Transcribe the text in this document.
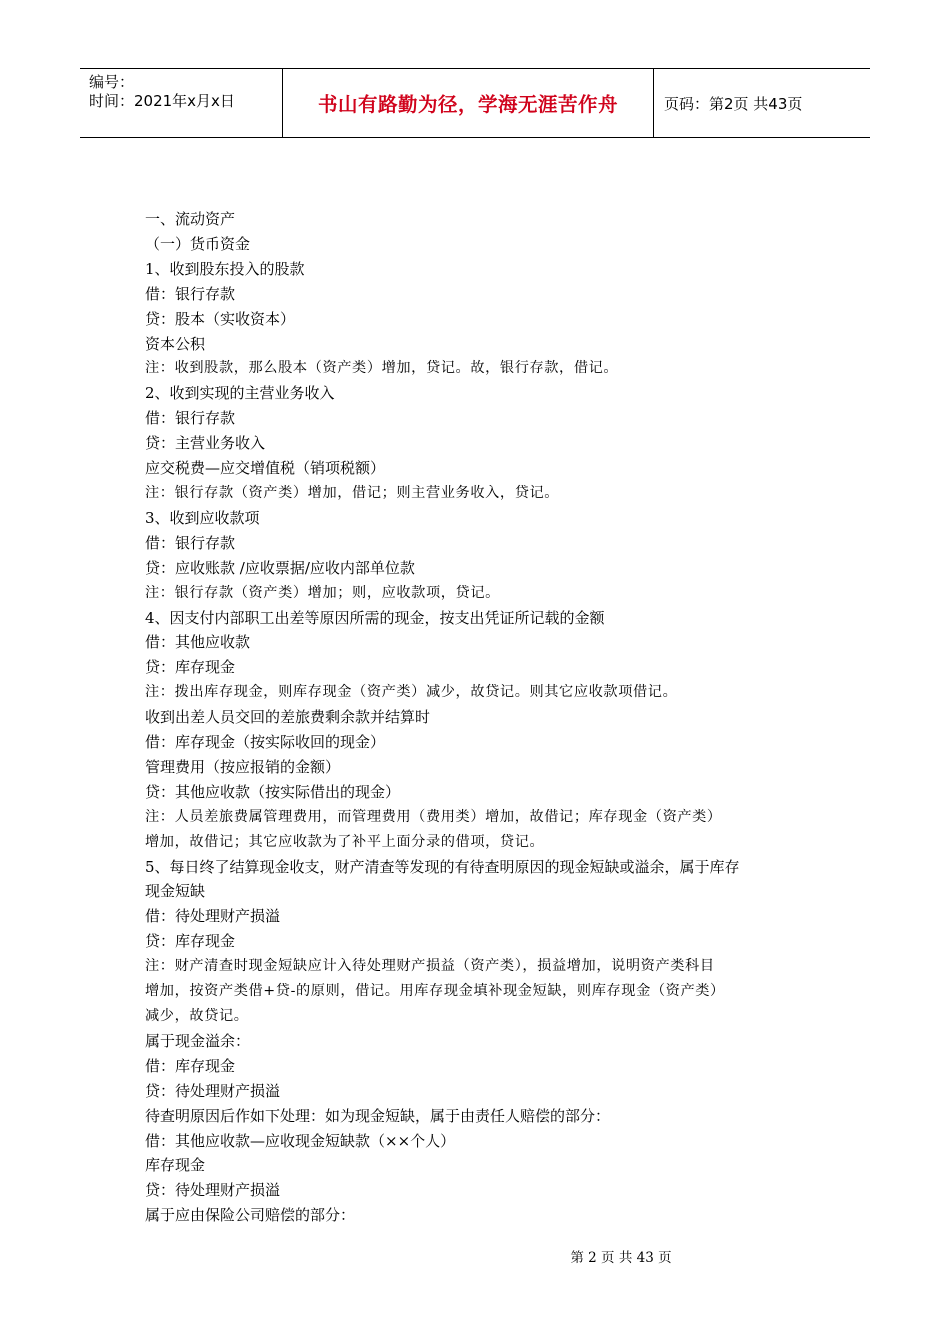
编号：
时间：2021年x月x日	书山有路勤为径，学海无涯苦作舟	页码：第2页 共43页
一、流动资产
（一）货币资金
1、收到股东投入的股款
借：银行存款
贷：股本（实收资本）
资本公积
注：收到股款，那么股本（资产类）增加，贷记。故，银行存款，借记。
2、收到实现的主营业务收入
借：银行存款
贷：主营业务收入
应交税费—应交增值税（销项税额）
注：银行存款（资产类）增加，借记；则主营业务收入，贷记。
3、收到应收款项
借：银行存款
贷：应收账款 /应收票据/应收内部单位款
注：银行存款（资产类）增加；则，应收款项，贷记。
4、因支付内部职工出差等原因所需的现金，按支出凭证所记载的金额
借：其他应收款
贷：库存现金
注：拨出库存现金，则库存现金（资产类）减少，故贷记。则其它应收款项借记。
收到出差人员交回的差旅费剩余款并结算时
借：库存现金（按实际收回的现金）
管理费用（按应报销的金额）
贷：其他应收款（按实际借出的现金）
注：人员差旅费属管理费用，而管理费用（费用类）增加，故借记；库存现金（资产类）
增加，故借记；其它应收款为了补平上面分录的借项，贷记。
5、每日终了结算现金收支，财产清查等发现的有待查明原因的现金短缺或溢余，属于库存
现金短缺
借：待处理财产损溢
贷：库存现金
注：财产清查时现金短缺应计入待处理财产损益（资产类），损益增加，说明资产类科目
增加，按资产类借+贷-的原则，借记。用库存现金填补现金短缺，则库存现金（资产类）
减少，故贷记。
属于现金溢余：
借：库存现金
贷：待处理财产损溢
待查明原因后作如下处理：如为现金短缺，属于由责任人赔偿的部分：
借：其他应收款—应收现金短缺款（××个人）
库存现金
贷：待处理财产损溢
属于应由保险公司赔偿的部分：
第 2 页 共 43 页
